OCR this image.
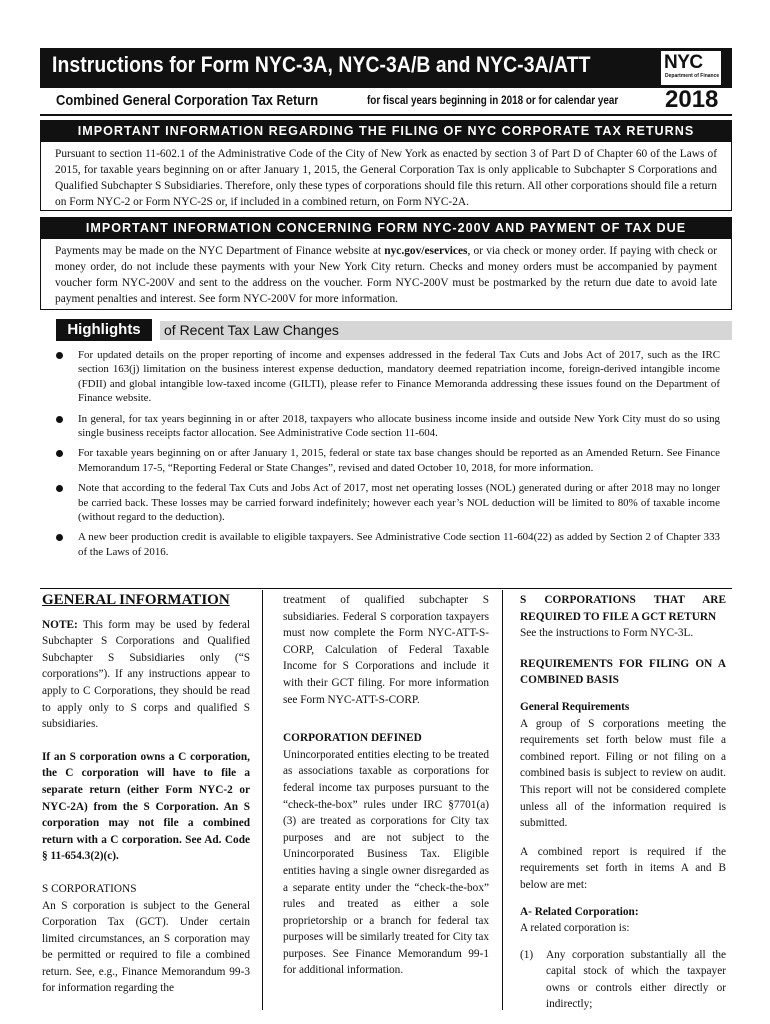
Instructions for Form NYC-3A, NYC-3A/B and NYC-3A/ATT	NYC
Department of Finance
Combined General Corporation Tax Return	for fiscal years beginning in 2018 or for calendar year 2018
IMPORTANT INFORMATION REGARDING THE FILING OF NYC CORPORATE TAX RETURNS
Pursuant to section 11-602.1 of the Administrative Code of the City of New York as enacted by section 3 of Part D of Chapter 60 of the Laws of 2015, for taxable years beginning on or after January 1, 2015, the General Corporation Tax is only applicable to Subchapter S Corporations and Qualified Subchapter S Subsidiaries. Therefore, only these types of corporations should file this return. All other corporations should file a return on Form NYC-2 or Form NYC-2S or, if included in a combined return, on Form NYC-2A.
IMPORTANT INFORMATION CONCERNING FORM NYC-200V AND PAYMENT OF TAX DUE
Payments may be made on the NYC Department of Finance website at nyc.gov/eservices, or via check or money order. If paying with check or money order, do not include these payments with your New York City return. Checks and money orders must be accompanied by payment voucher form NYC-200V and sent to the address on the voucher. Form NYC-200V must be postmarked by the return due date to avoid late payment penalties and interest. See form NYC-200V for more information.
Highlights	of Recent Tax Law Changes
For updated details on the proper reporting of income and expenses addressed in the federal Tax Cuts and Jobs Act of 2017, such as the IRC section 163(j) limitation on the business interest expense deduction, mandatory deemed repatriation income, foreign-derived intangible income (FDII) and global intangible low-taxed income (GILTI), please refer to Finance Memoranda addressing these issues found on the Department of Finance website.
In general, for tax years beginning in or after 2018, taxpayers who allocate business income inside and outside New York City must do so using single business receipts factor allocation. See Administrative Code section 11-604.
For taxable years beginning on or after January 1, 2015, federal or state tax base changes should be reported as an Amended Return. See Finance Memorandum 17-5, “Reporting Federal or State Changes”, revised and dated October 10, 2018, for more information.
Note that according to the federal Tax Cuts and Jobs Act of 2017, most net operating losses (NOL) generated during or after 2018 may no longer be carried back. These losses may be carried forward indefinitely; however each year’s NOL deduction will be limited to 80% of taxable income (without regard to the deduction).
A new beer production credit is available to eligible taxpayers. See Administrative Code section 11-604(22) as added by Section 2 of Chapter 333 of the Laws of 2016.

GENERAL INFORMATION

NOTE: This form may be used by federal Subchapter S Corporations and Qualified Subchapter S Subsidiaries only (“S corporations”). If any instructions appear to apply to C Corporations, they should be read to apply only to S corps and qualified S subsidiaries.

If an S corporation owns a C corporation, the C corporation will have to file a separate return (either Form NYC-2 or NYC-2A) from the S Corporation. An S corporation may not file a combined return with a C corporation. See Ad. Code § 11-654.3(2)(c).

S CORPORATIONS

An S corporation is subject to the General Corporation Tax (GCT). Under certain limited circumstances, an S corporation may be permitted or required to file a combined return. See, e.g., Finance Memorandum 99-3 for information regarding the

treatment of qualified subchapter S subsidiaries. Federal S corporation taxpayers must now complete the Form NYC-ATT-S-CORP, Calculation of Federal Taxable Income for S Corporations and include it with their GCT filing. For more information see Form NYC-ATT-S-CORP.

CORPORATION DEFINED

Unincorporated entities electing to be treated as associations taxable as corporations for federal income tax purposes pursuant to the “check-the-box” rules under IRC §7701(a)(3) are treated as corporations for City tax purposes and are not subject to the Unincorporated Business Tax. Eligible entities having a single owner disregarded as a separate entity under the “check-the-box” rules and treated as either a sole proprietorship or a branch for federal tax purposes will be similarly treated for City tax purposes. See Finance Memorandum 99-1 for additional information.

S CORPORATIONS THAT ARE REQUIRED TO FILE A GCT RETURN

See the instructions to Form NYC-3L.

REQUIREMENTS FOR FILING ON A COMBINED BASIS

General Requirements

A group of S corporations meeting the requirements set forth below must file a combined report. Filing or not filing on a combined basis is subject to review on audit. This report will not be considered complete unless all of the information required is submitted.

A combined report is required if the requirements set forth in items A and B below are met:

A- Related Corporation:

A related corporation is:

(1) Any corporation substantially all the capital stock of which the taxpayer owns or controls either directly or indirectly;
